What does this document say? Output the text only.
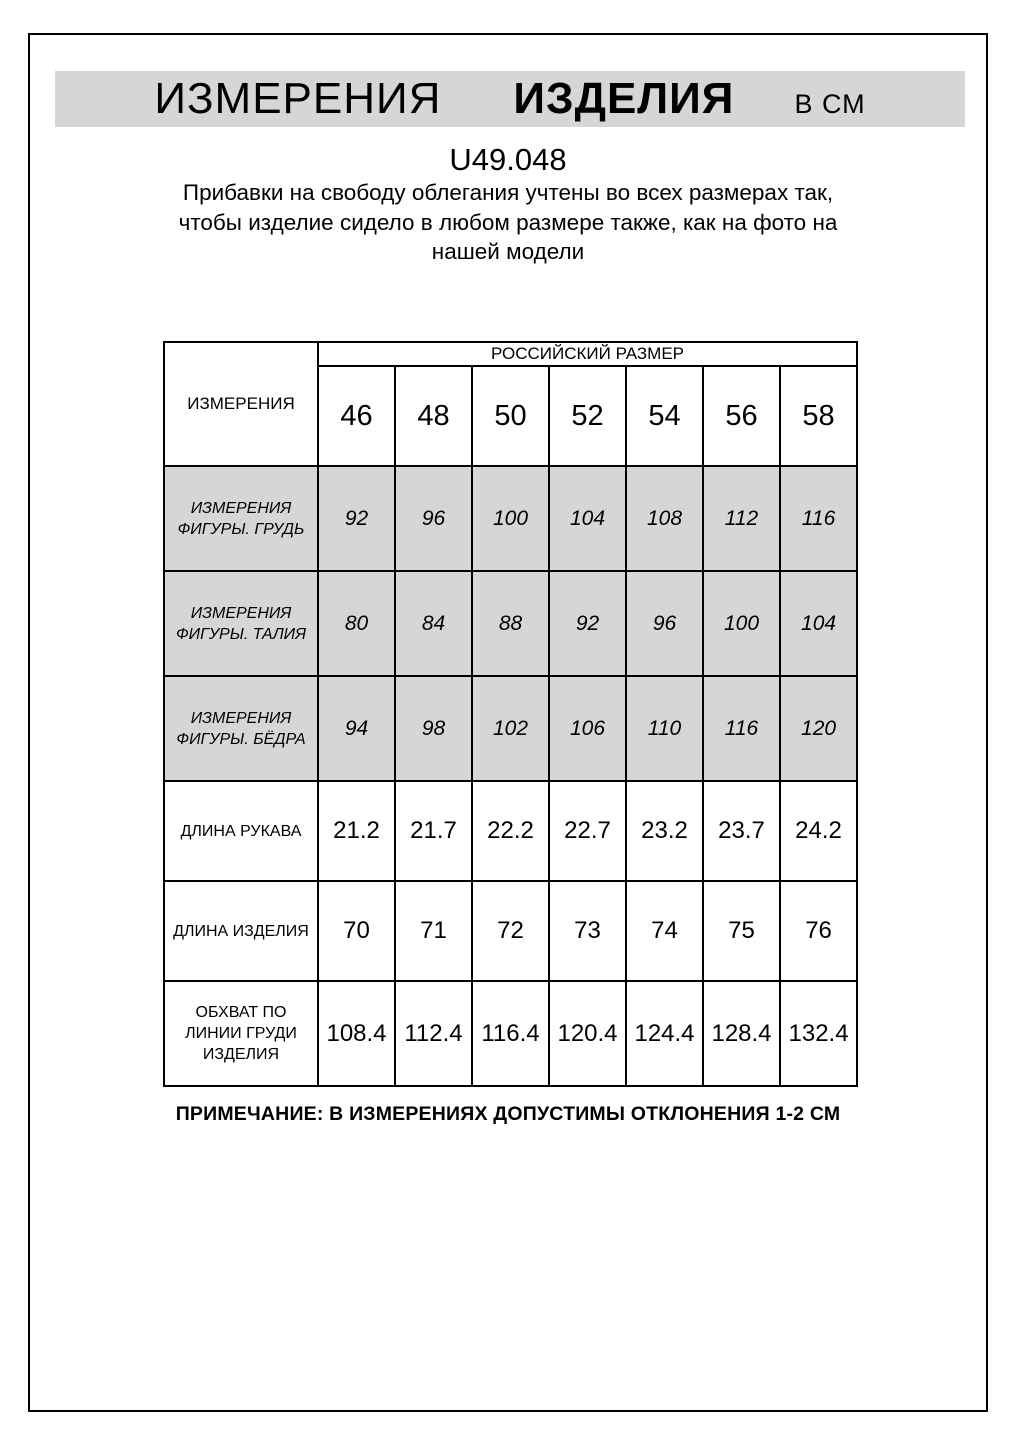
ИЗМЕРЕНИЯ ИЗДЕЛИЯ В СМ
U49.048
Прибавки на свободу облегания учтены во всех размерах так, чтобы изделие сидело в любом размере также, как на фото на нашей модели
ИЗМЕРЕНИЯ	РОССИЙСКИЙ РАЗМЕР						
	46	48	50	52	54	56	58
ИЗМЕРЕНИЯ ФИГУРЫ. ГРУДЬ	92	96	100	104	108	112	116
ИЗМЕРЕНИЯ ФИГУРЫ. ТАЛИЯ	80	84	88	92	96	100	104
ИЗМЕРЕНИЯ ФИГУРЫ. БЁДРА	94	98	102	106	110	116	120
ДЛИНА РУКАВА	21.2	21.7	22.2	22.7	23.2	23.7	24.2
ДЛИНА ИЗДЕЛИЯ	70	71	72	73	74	75	76
ОБХВАТ ПО ЛИНИИ ГРУДИ ИЗДЕЛИЯ	108.4	112.4	116.4	120.4	124.4	128.4	132.4
ПРИМЕЧАНИЕ: В ИЗМЕРЕНИЯХ ДОПУСТИМЫ ОТКЛОНЕНИЯ 1-2 СМ
